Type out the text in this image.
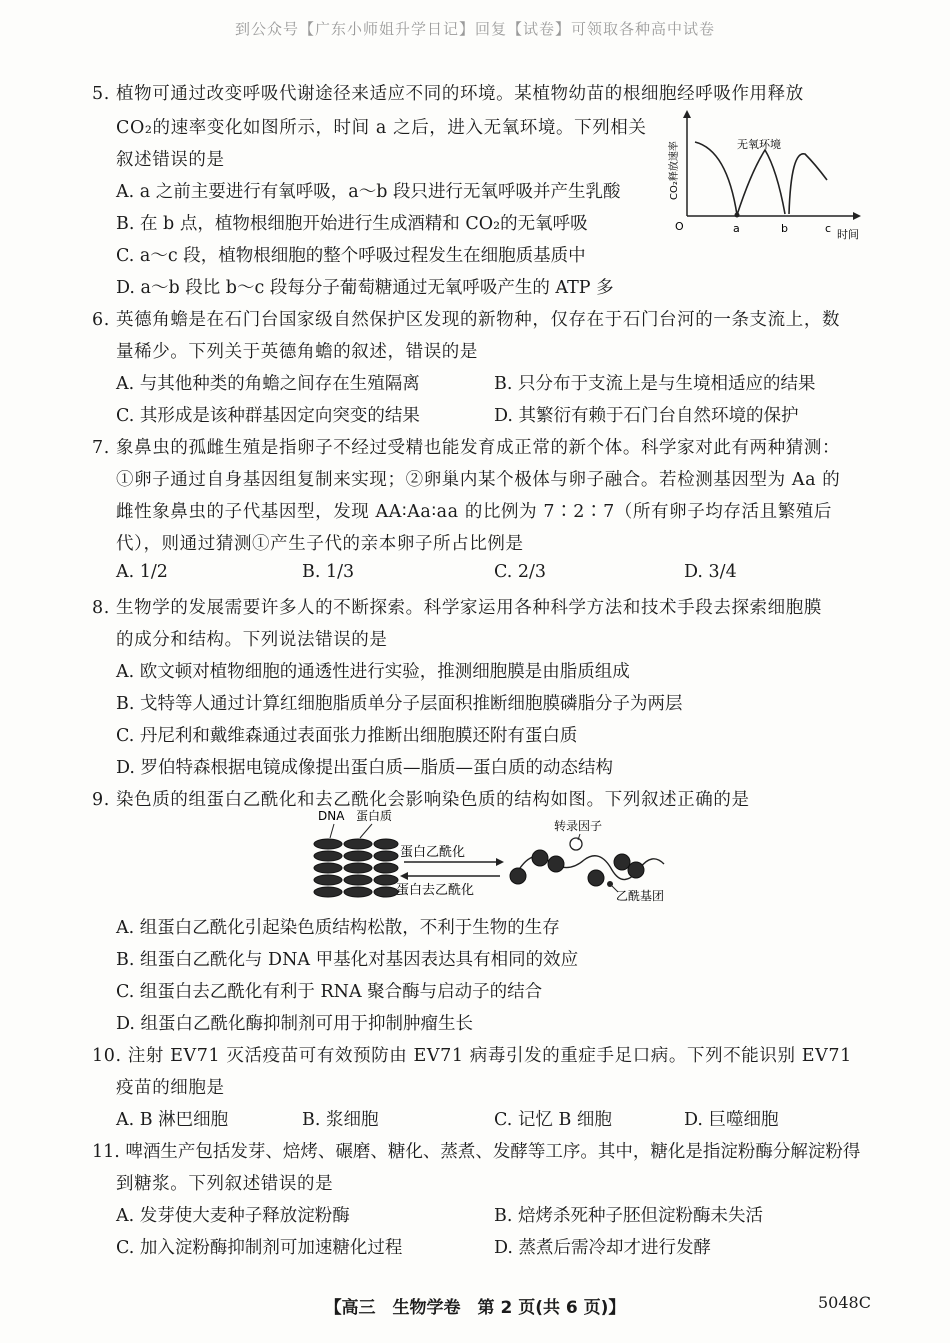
到公众号【广东小师姐升学日记】回复【试卷】可领取各种高中试卷
5. 植物可通过改变呼吸代谢途径来适应不同的环境。某植物幼苗的根细胞经呼吸作用释放
CO₂的速率变化如图所示，时间 a 之后，进入无氧环境。下列相关
叙述错误的是
A. a 之前主要进行有氧呼吸，a～b 段只进行无氧呼吸并产生乳酸
B. 在 b 点，植物根细胞开始进行生成酒精和 CO₂的无氧呼吸
C. a～c 段，植物根细胞的整个呼吸过程发生在细胞质基质中
D. a～b 段比 b～c 段每分子葡萄糖通过无氧呼吸产生的 ATP 多
CO₂释放速率	无氧环境
O	a	b	c 时间
6. 英德角蟾是在石门台国家级自然保护区发现的新物种，仅存在于石门台河的一条支流上，数
量稀少。下列关于英德角蟾的叙述，错误的是
A. 与其他种类的角蟾之间存在生殖隔离	B. 只分布于支流上是与生境相适应的结果
C. 其形成是该种群基因定向突变的结果	D. 其繁衍有赖于石门台自然环境的保护
7. 象鼻虫的孤雌生殖是指卵子不经过受精也能发育成正常的新个体。科学家对此有两种猜测：
①卵子通过自身基因组复制来实现；②卵巢内某个极体与卵子融合。若检测基因型为 Aa 的
雌性象鼻虫的子代基因型，发现 AA∶Aa∶aa 的比例为 7∶2∶7（所有卵子均存活且繁殖后
代），则通过猜测①产生子代的亲本卵子所占比例是
A. 1/2	B. 1/3	C. 2/3	D. 3/4
8. 生物学的发展需要许多人的不断探索。科学家运用各种科学方法和技术手段去探索细胞膜
的成分和结构。下列说法错误的是
A. 欧文顿对植物细胞的通透性进行实验，推测细胞膜是由脂质组成
B. 戈特等人通过计算红细胞脂质单分子层面积推断细胞膜磷脂分子为两层
C. 丹尼利和戴维森通过表面张力推断出细胞膜还附有蛋白质
D. 罗伯特森根据电镜成像提出蛋白质—脂质—蛋白质的动态结构
9. 染色质的组蛋白乙酰化和去乙酰化会影响染色质的结构如图。下列叙述正确的是
DNA 蛋白质
蛋白乙酰化
蛋白去乙酰化
转录因子
乙酰基团
A. 组蛋白乙酰化引起染色质结构松散，不利于生物的生存
B. 组蛋白乙酰化与 DNA 甲基化对基因表达具有相同的效应
C. 组蛋白去乙酰化有利于 RNA 聚合酶与启动子的结合
D. 组蛋白乙酰化酶抑制剂可用于抑制肿瘤生长
10. 注射 EV71 灭活疫苗可有效预防由 EV71 病毒引发的重症手足口病。下列不能识别 EV71
疫苗的细胞是
A. B 淋巴细胞	B. 浆细胞	C. 记忆 B 细胞	D. 巨噬细胞
11. 啤酒生产包括发芽、焙烤、碾磨、糖化、蒸煮、发酵等工序。其中，糖化是指淀粉酶分解淀粉得
到糖浆。下列叙述错误的是
A. 发芽使大麦种子释放淀粉酶	B. 焙烤杀死种子胚但淀粉酶未失活
C. 加入淀粉酶抑制剂可加速糖化过程	D. 蒸煮后需冷却才进行发酵
【高三　生物学卷　第 2 页(共 6 页)】	5048C
